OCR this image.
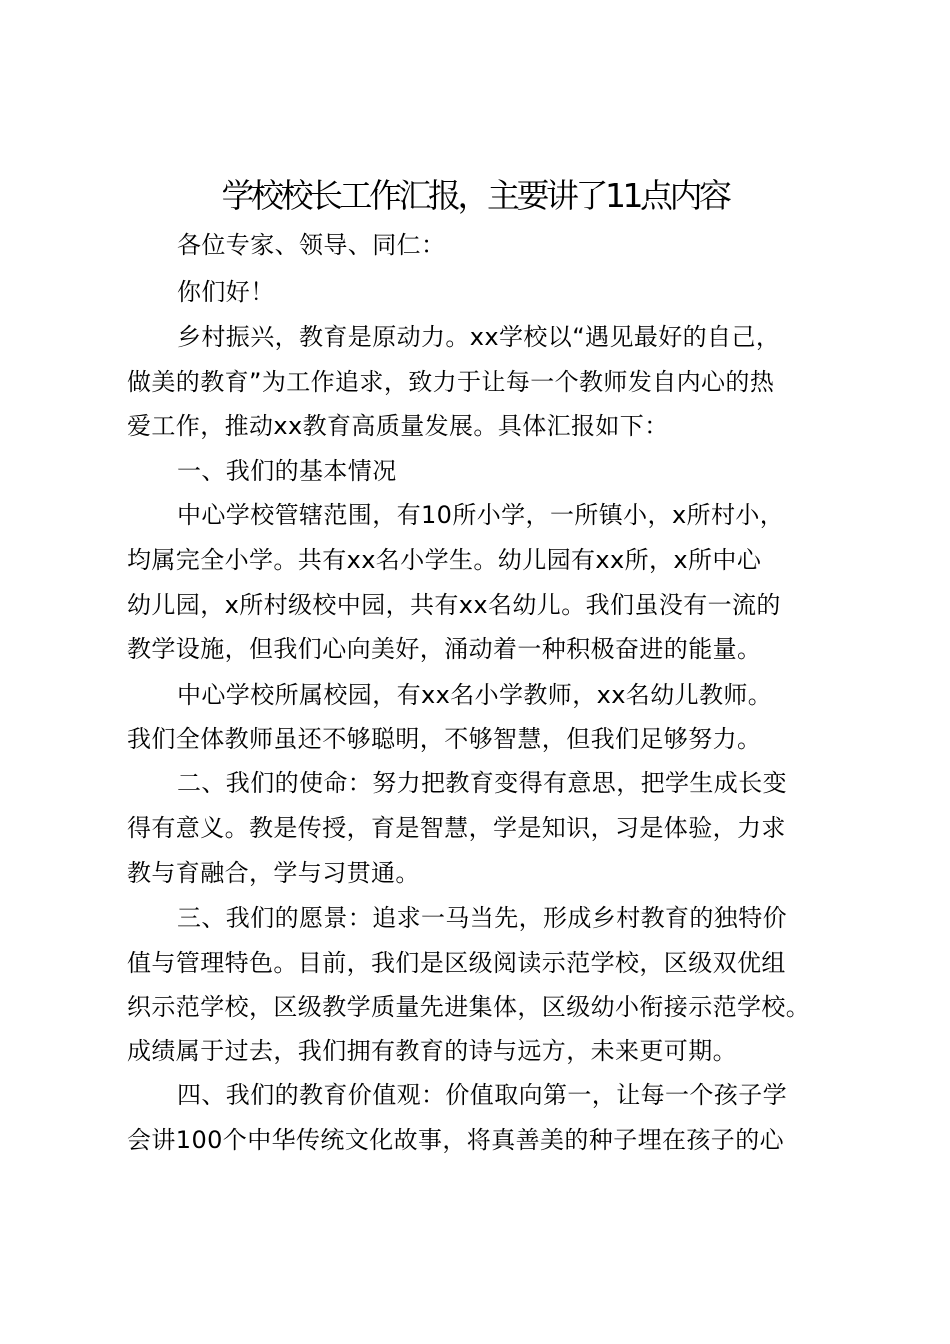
学校校长工作汇报，主要讲了11点内容
各位专家、领导、同仁：
你们好！
乡村振兴，教育是原动力。xx学校以“遇见最好的自己，
做美的教育”为工作追求，致力于让每一个教师发自内心的热
爱工作，推动xx教育高质量发展。具体汇报如下：
一、我们的基本情况
中心学校管辖范围，有10所小学，一所镇小，x所村小，
均属完全小学。共有xx名小学生。幼儿园有xx所，x所中心
幼儿园，x所村级校中园，共有xx名幼儿。我们虽没有一流的
教学设施，但我们心向美好，涌动着一种积极奋进的能量。
中心学校所属校园，有xx名小学教师，xx名幼儿教师。
我们全体教师虽还不够聪明，不够智慧，但我们足够努力。
二、我们的使命：努力把教育变得有意思，把学生成长变
得有意义。教是传授，育是智慧，学是知识，习是体验，力求
教与育融合，学与习贯通。
三、我们的愿景：追求一马当先，形成乡村教育的独特价
值与管理特色。目前，我们是区级阅读示范学校，区级双优组
织示范学校，区级教学质量先进集体，区级幼小衔接示范学校。
成绩属于过去，我们拥有教育的诗与远方，未来更可期。
四、我们的教育价值观：价值取向第一，让每一个孩子学
会讲100个中华传统文化故事，将真善美的种子埋在孩子的心
